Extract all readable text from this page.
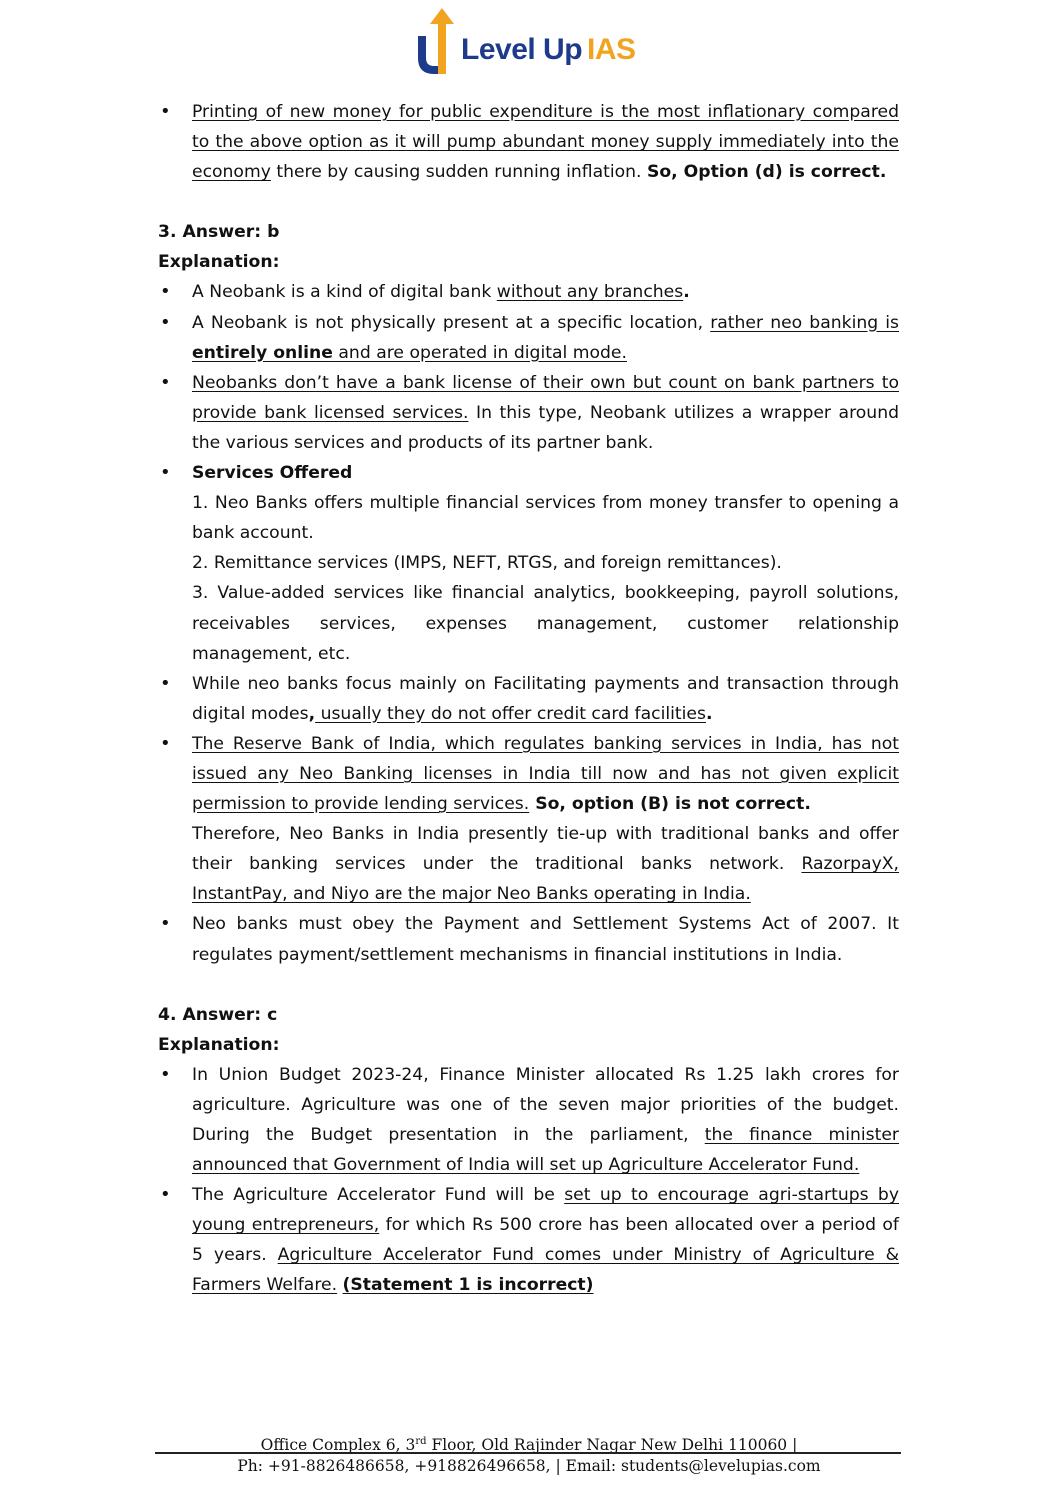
Level Up IAS
• Printing of new money for public expenditure is the most inflationary compared to the above option as it will pump abundant money supply immediately into the economy there by causing sudden running inflation. So, Option (d) is correct.

3. Answer: b

Explanation:

• A Neobank is a kind of digital bank without any branches.
• A Neobank is not physically present at a specific location, rather neo banking is entirely online and are operated in digital mode.
• Neobanks don’t have a bank license of their own but count on bank partners to provide bank licensed services. In this type, Neobank utilizes a wrapper around the various services and products of its partner bank.
• Services Offered
1. Neo Banks offers multiple financial services from money transfer to opening a bank account.
2. Remittance services (IMPS, NEFT, RTGS, and foreign remittances).
3. Value-added services like financial analytics, bookkeeping, payroll solutions, receivables services, expenses management, customer relationship management, etc.
• While neo banks focus mainly on Facilitating payments and transaction through digital modes, usually they do not offer credit card facilities.
• The Reserve Bank of India, which regulates banking services in India, has not issued any Neo Banking licenses in India till now and has not given explicit permission to provide lending services. So, option (B) is not correct.
Therefore, Neo Banks in India presently tie-up with traditional banks and offer their banking services under the traditional banks network. RazorpayX, InstantPay, and Niyo are the major Neo Banks operating in India.
• Neo banks must obey the Payment and Settlement Systems Act of 2007. It regulates payment/settlement mechanisms in financial institutions in India.

4. Answer: c

Explanation:

• In Union Budget 2023-24, Finance Minister allocated Rs 1.25 lakh crores for agriculture. Agriculture was one of the seven major priorities of the budget. During the Budget presentation in the parliament, the finance minister announced that Government of India will set up Agriculture Accelerator Fund.
• The Agriculture Accelerator Fund will be set up to encourage agri-startups by young entrepreneurs, for which Rs 500 crore has been allocated over a period of 5 years. Agriculture Accelerator Fund comes under Ministry of Agriculture & Farmers Welfare. (Statement 1 is incorrect)
Office Complex 6, 3rd Floor, Old Rajinder Nagar New Delhi 110060 |
Ph: +91-8826486658, +918826496658, | Email: students@levelupias.com
